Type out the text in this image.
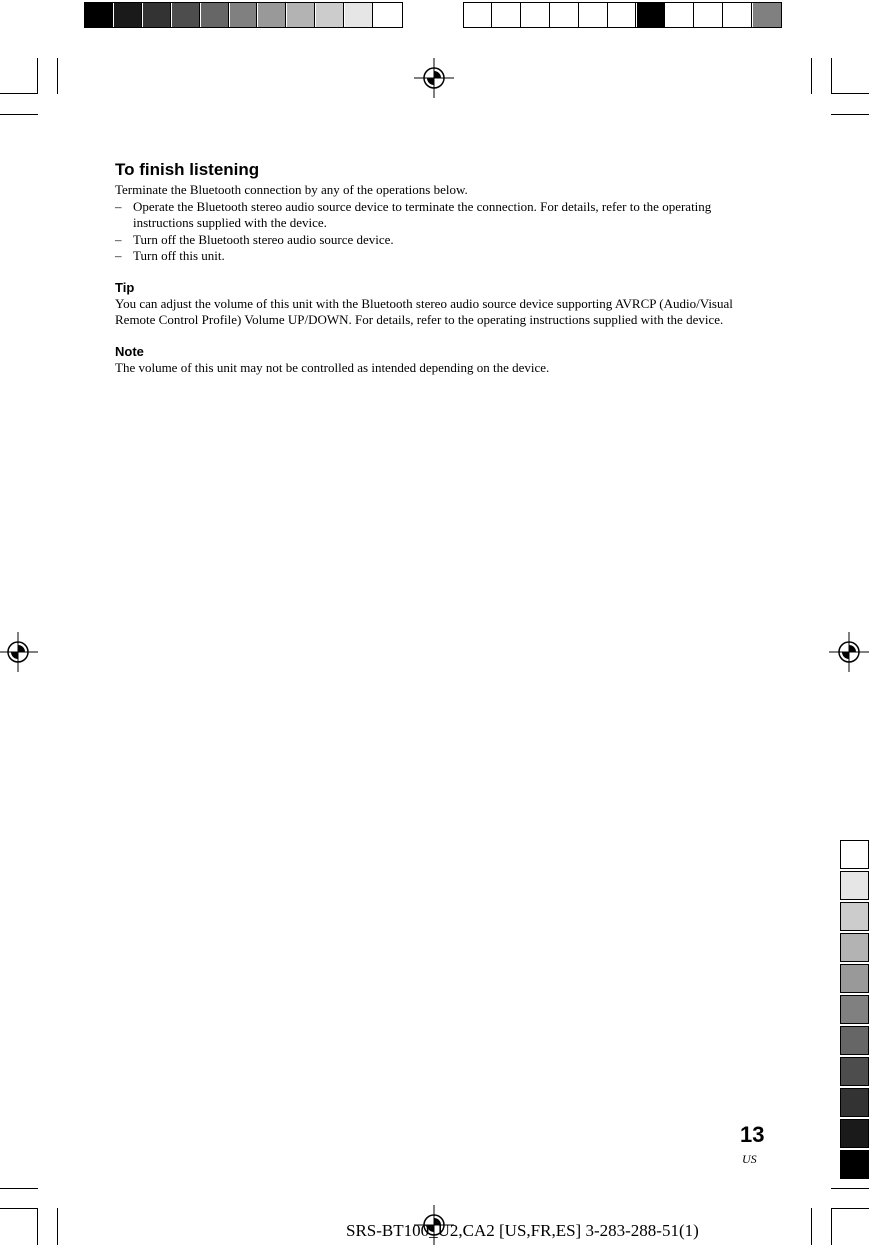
To finish listening

Terminate the Bluetooth connection by any of the operations below.

– Operate the Bluetooth stereo audio source device to terminate the connection. For details, refer to the operating instructions supplied with the device.
– Turn off the Bluetooth stereo audio source device.
– Turn off this unit.
Tip

You can adjust the volume of this unit with the Bluetooth stereo audio source device supporting AVRCP (Audio/Visual Remote Control Profile) Volume UP/DOWN. For details, refer to the operating instructions supplied with the device.

Note

The volume of this unit may not be controlled as intended depending on the device.

13
US
SRS-BT100_U2,CA2 [US,FR,ES] 3-283-288-51(1)
